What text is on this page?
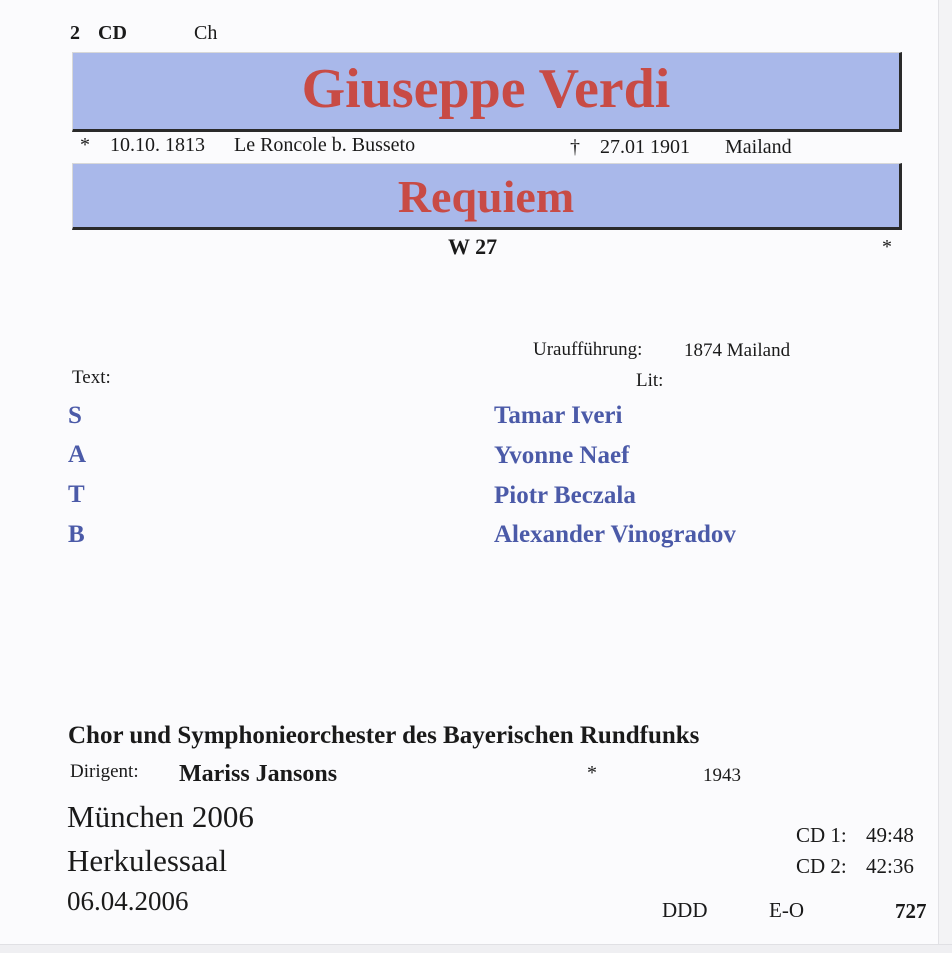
2 CD	Ch
Giuseppe Verdi
* 10.10. 1813 Le Roncole b. Busseto	† 27.01 1901 Mailand
Requiem
W 27	*
Uraufführung: 1874 Mailand
Text:	Lit:
S	Tamar Iveri
A	Yvonne Naef
T	Piotr Beczala
B	Alexander Vinogradov
Chor und Symphonieorchester des Bayerischen Rundfunks
Dirigent: Mariss Jansons	*	1943
München 2006
Herkulessaal
06.04.2006
CD 1: 49:48
CD 2: 42:36
DDD	E-O	727
